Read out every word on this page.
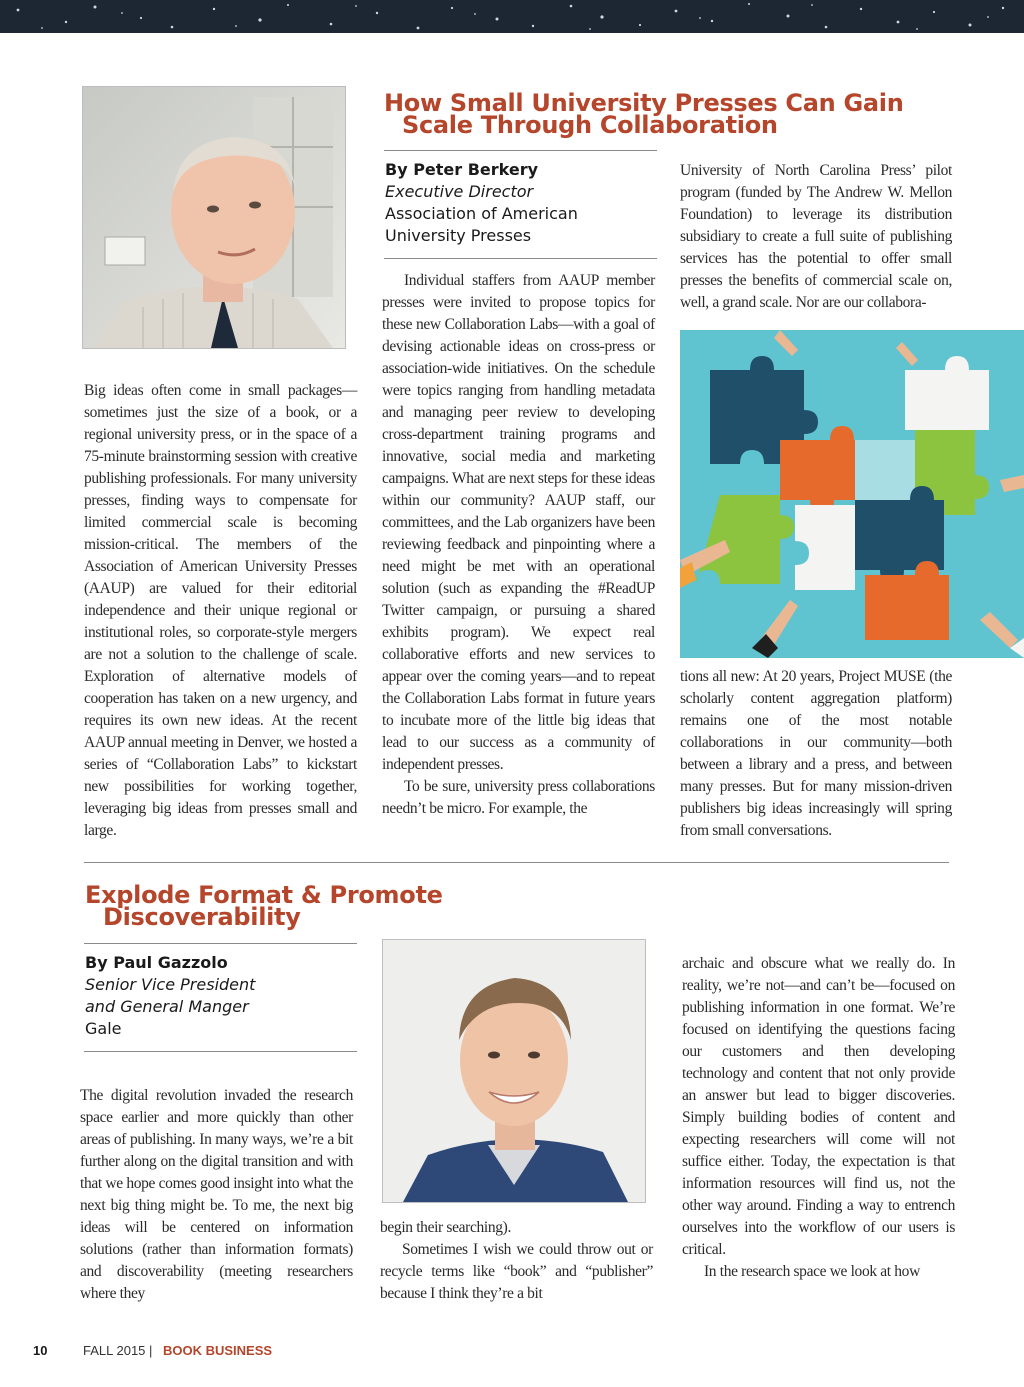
How Small University Presses Can Gain
Scale Through Collaboration
By Peter Berkery
Executive Director
Association of American
University Presses

Big ideas often come in small packages—sometimes just the size of a book, or a regional university press, or in the space of a 75-minute brainstorming session with creative publishing professionals. For many university presses, finding ways to compensate for limited commercial scale is becoming mission-critical. The members of the Association of American University Presses (AAUP) are valued for their editorial independence and their unique regional or institutional roles, so corporate-style mergers are not a solution to the challenge of scale. Exploration of alternative models of cooperation has taken on a new urgency, and requires its own new ideas. At the recent AAUP annual meeting in Denver, we hosted a series of “Collaboration Labs” to kickstart new possibilities for working together, leveraging big ideas from presses small and large.

Individual staffers from AAUP member presses were invited to propose topics for these new Collaboration Labs—with a goal of devising actionable ideas on cross-press or association-wide initiatives. On the schedule were topics ranging from handling metadata and managing peer review to developing cross-department training programs and innovative, social media and marketing campaigns. What are next steps for these ideas within our community? AAUP staff, our committees, and the Lab organizers have been reviewing feedback and pinpointing where a need might be met with an operational solution (such as expanding the #ReadUP Twitter campaign, or pursuing a shared exhibits program). We expect real collaborative efforts and new services to appear over the coming years—and to repeat the Collaboration Labs format in future years to incubate more of the little big ideas that lead to our success as a community of independent presses.

To be sure, university press collaborations needn’t be micro. For example, the

University of North Carolina Press’ pilot program (funded by The Andrew W. Mellon Foundation) to leverage its distribution subsidiary to create a full suite of publishing services has the potential to offer small presses the benefits of commercial scale on, well, a grand scale. Nor are our collabora-

tions all new: At 20 years, Project MUSE (the scholarly content aggregation platform) remains one of the most notable collaborations in our community—both between a library and a press, and between many presses. But for many mission-driven publishers big ideas increasingly will spring from small conversations.

Explode Format & Promote
Discoverability
By Paul Gazzolo
Senior Vice President
and General Manger
Gale

The digital revolution invaded the research space earlier and more quickly than other areas of publishing. In many ways, we’re a bit further along on the digital transition and with that we hope comes good insight into what the next big thing might be. To me, the next big ideas will be centered on information solutions (rather than information formats) and discoverability (meeting researchers where they

begin their searching).

Sometimes I wish we could throw out or recycle terms like “book” and “publisher” because I think they’re a bit

archaic and obscure what we really do. In reality, we’re not—and can’t be—focused on publishing information in one format. We’re focused on identifying the questions facing our customers and then developing technology and content that not only provide an answer but lead to bigger discoveries. Simply building bodies of content and expecting researchers will come will not suffice either. Today, the expectation is that information resources will find us, not the other way around. Finding a way to entrench ourselves into the workflow of our users is critical.

In the research space we look at how

10	FALL 2015 | BOOK BUSINESS
